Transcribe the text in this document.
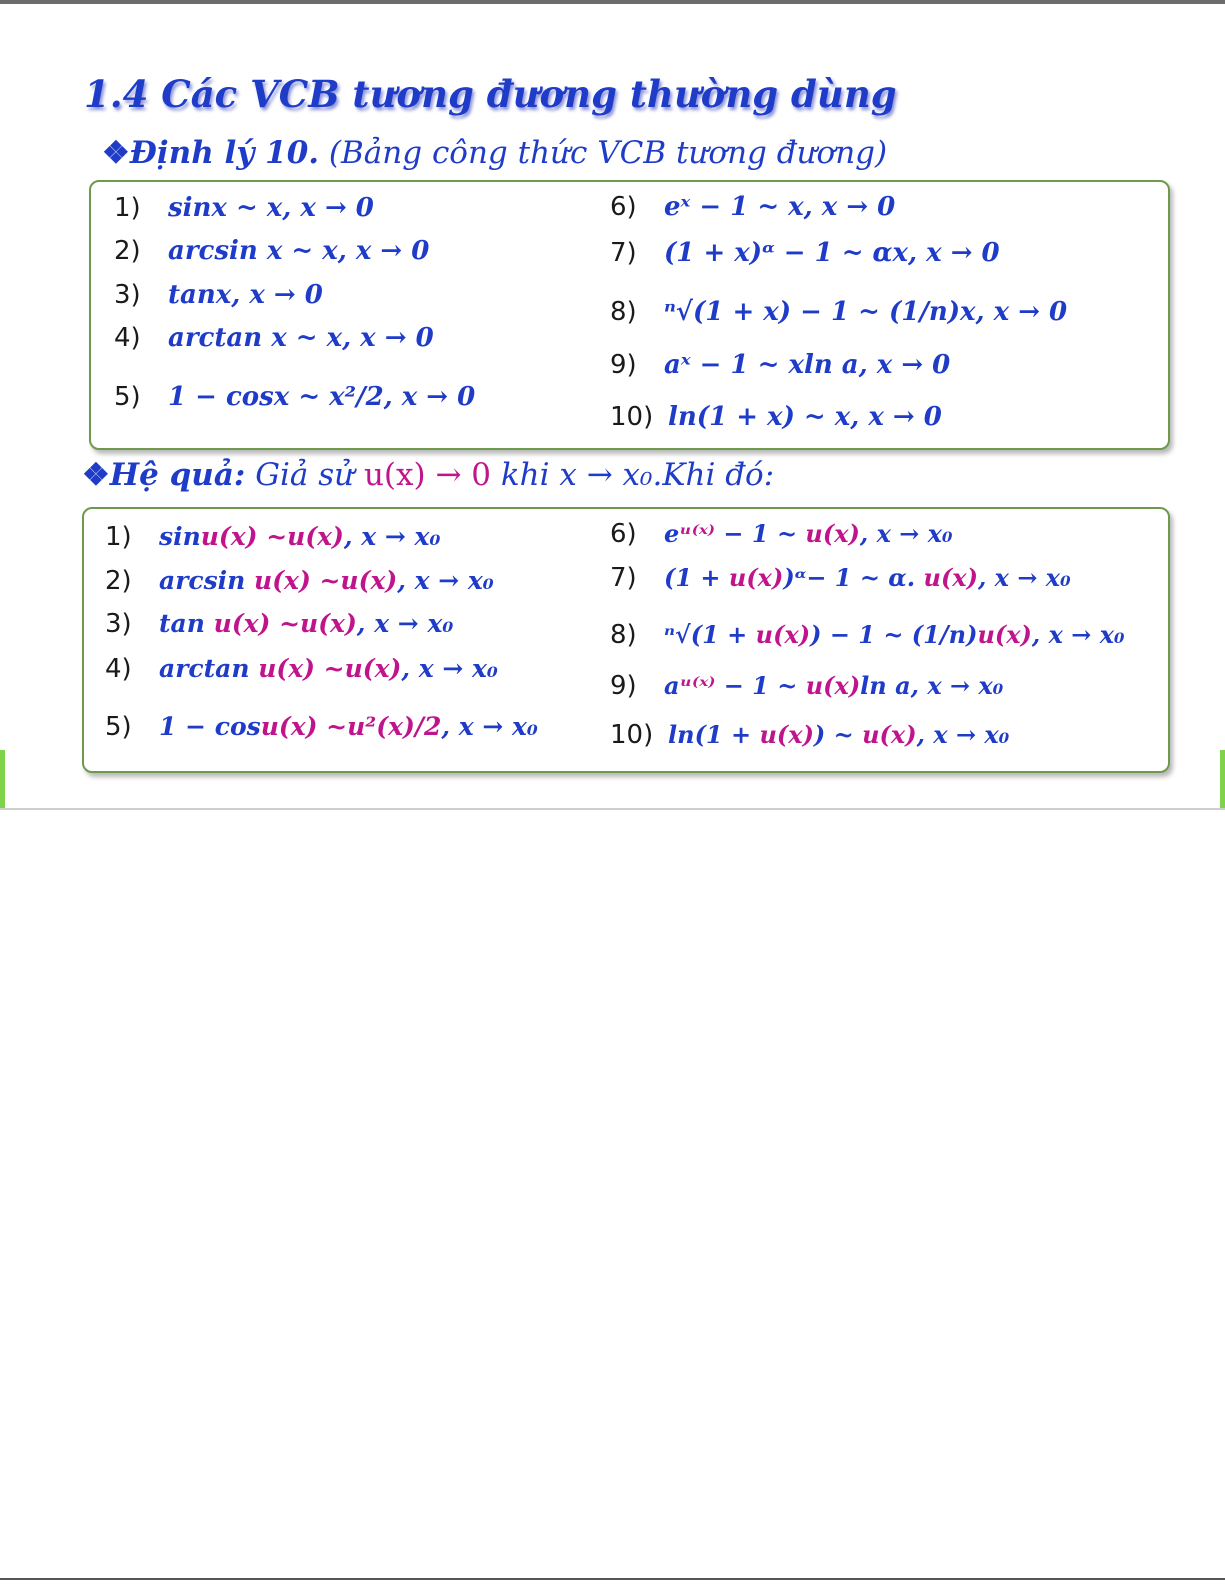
1.4 Các VCB tương đương thường dùng
❖Định lý 10. (Bảng công thức VCB tương đương)
1) sinx ~ x, x → 0
2) arcsin x ~ x, x → 0
3) tanx, x → 0
4) arctan x ~ x, x → 0
5) 1 − cosx ~ x²/2, x → 0
6) eˣ − 1 ~ x, x → 0
7) (1 + x)ᵅ − 1 ~ αx, x → 0
8) ⁿ√(1 + x) − 1 ~ (1/n)x, x → 0
9) aˣ − 1 ~ xln a, x → 0
10) ln(1 + x) ~ x, x → 0
❖Hệ quả: Giả sử u(x) → 0 khi x → x₀.Khi đó:
1) sinu(x) ~u(x), x → x₀
2) arcsin u(x) ~u(x), x → x₀
3) tan u(x) ~u(x), x → x₀
4) arctan u(x) ~u(x), x → x₀
5) 1 − cosu(x) ~u²(x)/2, x → x₀
6) eᵘ⁽ˣ⁾ − 1 ~ u(x), x → x₀
7) (1 + u(x))ᵅ− 1 ~ α. u(x), x → x₀
8) ⁿ√(1 + u(x)) − 1 ~ (1/n)u(x), x → x₀
9) aᵘ⁽ˣ⁾ − 1 ~ u(x)ln a, x → x₀
10) ln(1 + u(x)) ~ u(x), x → x₀
